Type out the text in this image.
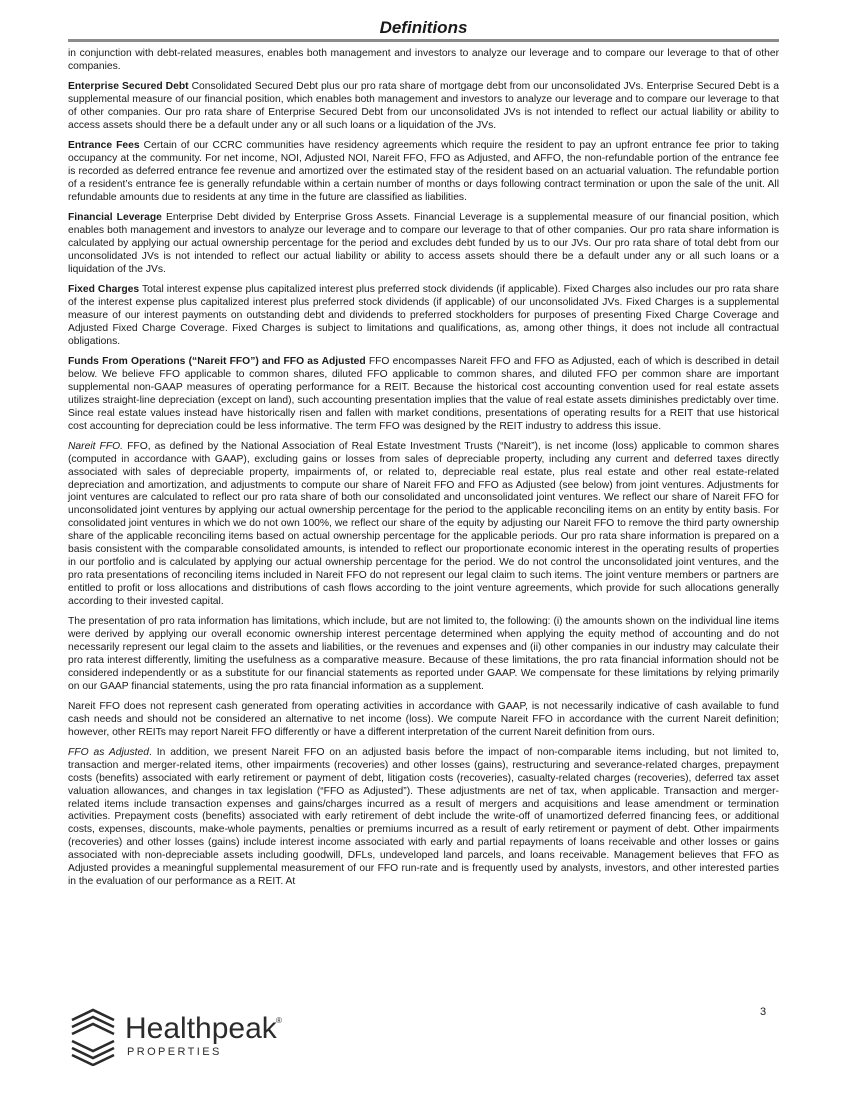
Definitions

in conjunction with debt-related measures, enables both management and investors to analyze our leverage and to compare our leverage to that of other companies.

Enterprise Secured Debt Consolidated Secured Debt plus our pro rata share of mortgage debt from our unconsolidated JVs. Enterprise Secured Debt is a supplemental measure of our financial position, which enables both management and investors to analyze our leverage and to compare our leverage to that of other companies. Our pro rata share of Enterprise Secured Debt from our unconsolidated JVs is not intended to reflect our actual liability or ability to access assets should there be a default under any or all such loans or a liquidation of the JVs.

Entrance Fees Certain of our CCRC communities have residency agreements which require the resident to pay an upfront entrance fee prior to taking occupancy at the community. For net income, NOI, Adjusted NOI, Nareit FFO, FFO as Adjusted, and AFFO, the non-refundable portion of the entrance fee is recorded as deferred entrance fee revenue and amortized over the estimated stay of the resident based on an actuarial valuation. The refundable portion of a resident’s entrance fee is generally refundable within a certain number of months or days following contract termination or upon the sale of the unit. All refundable amounts due to residents at any time in the future are classified as liabilities.

Financial Leverage Enterprise Debt divided by Enterprise Gross Assets. Financial Leverage is a supplemental measure of our financial position, which enables both management and investors to analyze our leverage and to compare our leverage to that of other companies. Our pro rata share information is calculated by applying our actual ownership percentage for the period and excludes debt funded by us to our JVs. Our pro rata share of total debt from our unconsolidated JVs is not intended to reflect our actual liability or ability to access assets should there be a default under any or all such loans or a liquidation of the JVs.

Fixed Charges Total interest expense plus capitalized interest plus preferred stock dividends (if applicable). Fixed Charges also includes our pro rata share of the interest expense plus capitalized interest plus preferred stock dividends (if applicable) of our unconsolidated JVs. Fixed Charges is a supplemental measure of our interest payments on outstanding debt and dividends to preferred stockholders for purposes of presenting Fixed Charge Coverage and Adjusted Fixed Charge Coverage. Fixed Charges is subject to limitations and qualifications, as, among other things, it does not include all contractual obligations.

Funds From Operations (“Nareit FFO”) and FFO as Adjusted FFO encompasses Nareit FFO and FFO as Adjusted, each of which is described in detail below. We believe FFO applicable to common shares, diluted FFO applicable to common shares, and diluted FFO per common share are important supplemental non-GAAP measures of operating performance for a REIT. Because the historical cost accounting convention used for real estate assets utilizes straight-line depreciation (except on land), such accounting presentation implies that the value of real estate assets diminishes predictably over time. Since real estate values instead have historically risen and fallen with market conditions, presentations of operating results for a REIT that use historical cost accounting for depreciation could be less informative. The term FFO was designed by the REIT industry to address this issue.

Nareit FFO. FFO, as defined by the National Association of Real Estate Investment Trusts (“Nareit”), is net income (loss) applicable to common shares (computed in accordance with GAAP), excluding gains or losses from sales of depreciable property, including any current and deferred taxes directly associated with sales of depreciable property, impairments of, or related to, depreciable real estate, plus real estate and other real estate-related depreciation and amortization, and adjustments to compute our share of Nareit FFO and FFO as Adjusted (see below) from joint ventures. Adjustments for joint ventures are calculated to reflect our pro rata share of both our consolidated and unconsolidated joint ventures. We reflect our share of Nareit FFO for unconsolidated joint ventures by applying our actual ownership percentage for the period to the applicable reconciling items on an entity by entity basis. For consolidated joint ventures in which we do not own 100%, we reflect our share of the equity by adjusting our Nareit FFO to remove the third party ownership share of the applicable reconciling items based on actual ownership percentage for the applicable periods. Our pro rata share information is prepared on a basis consistent with the comparable consolidated amounts, is intended to reflect our proportionate economic interest in the operating results of properties in our portfolio and is calculated by applying our actual ownership percentage for the period. We do not control the unconsolidated joint ventures, and the pro rata presentations of reconciling items included in Nareit FFO do not represent our legal claim to such items. The joint venture members or partners are entitled to profit or loss allocations and distributions of cash flows according to the joint venture agreements, which provide for such allocations generally according to their invested capital.

The presentation of pro rata information has limitations, which include, but are not limited to, the following: (i) the amounts shown on the individual line items were derived by applying our overall economic ownership interest percentage determined when applying the equity method of accounting and do not necessarily represent our legal claim to the assets and liabilities, or the revenues and expenses and (ii) other companies in our industry may calculate their pro rata interest differently, limiting the usefulness as a comparative measure. Because of these limitations, the pro rata financial information should not be considered independently or as a substitute for our financial statements as reported under GAAP. We compensate for these limitations by relying primarily on our GAAP financial statements, using the pro rata financial information as a supplement.

Nareit FFO does not represent cash generated from operating activities in accordance with GAAP, is not necessarily indicative of cash available to fund cash needs and should not be considered an alternative to net income (loss). We compute Nareit FFO in accordance with the current Nareit definition; however, other REITs may report Nareit FFO differently or have a different interpretation of the current Nareit definition from ours.

FFO as Adjusted. In addition, we present Nareit FFO on an adjusted basis before the impact of non-comparable items including, but not limited to, transaction and merger-related items, other impairments (recoveries) and other losses (gains), restructuring and severance-related charges, prepayment costs (benefits) associated with early retirement or payment of debt, litigation costs (recoveries), casualty-related charges (recoveries), deferred tax asset valuation allowances, and changes in tax legislation (“FFO as Adjusted”). These adjustments are net of tax, when applicable. Transaction and merger-related items include transaction expenses and gains/charges incurred as a result of mergers and acquisitions and lease amendment or termination activities. Prepayment costs (benefits) associated with early retirement of debt include the write-off of unamortized deferred financing fees, or additional costs, expenses, discounts, make-whole payments, penalties or premiums incurred as a result of early retirement or payment of debt. Other impairments (recoveries) and other losses (gains) include interest income associated with early and partial repayments of loans receivable and other losses or gains associated with non-depreciable assets including goodwill, DFLs, undeveloped land parcels, and loans receivable. Management believes that FFO as Adjusted provides a meaningful supplemental measurement of our FFO run-rate and is frequently used by analysts, investors, and other interested parties in the evaluation of our performance as a REIT. At

3
Healthpeak ®
PROPERTIES
